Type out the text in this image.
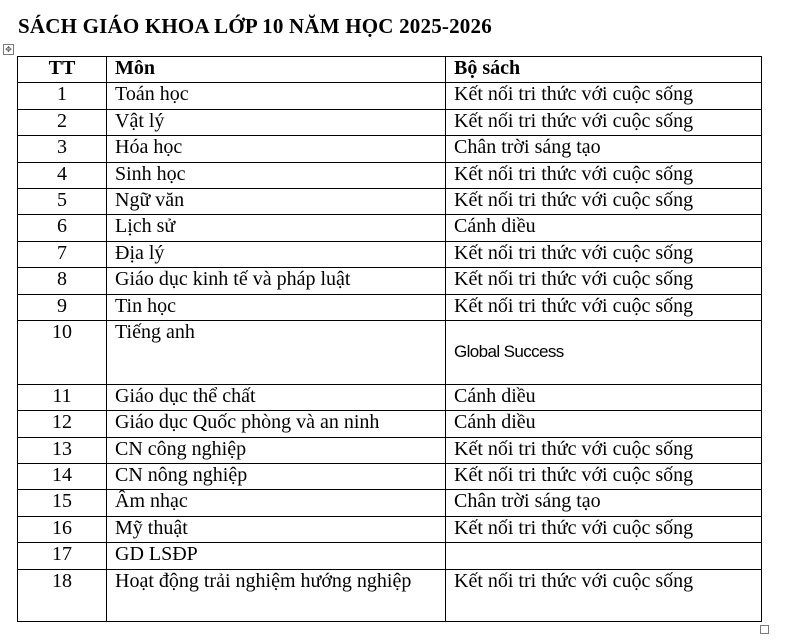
SÁCH GIÁO KHOA LỚP 10 NĂM HỌC 2025-2026
✥
TT	Môn	Bộ sách
1	Toán học	Kết nối tri thức với cuộc sống
2	Vật lý	Kết nối tri thức với cuộc sống
3	Hóa học	Chân trời sáng tạo
4	Sinh học	Kết nối tri thức với cuộc sống
5	Ngữ văn	Kết nối tri thức với cuộc sống
6	Lịch sử	Cánh diều
7	Địa lý	Kết nối tri thức với cuộc sống
8	Giáo dục kinh tế và pháp luật	Kết nối tri thức với cuộc sống
9	Tin học	Kết nối tri thức với cuộc sống
10	Tiếng anh	Global Success
11	Giáo dục thể chất	Cánh diều
12	Giáo dục Quốc phòng và an ninh	Cánh diều
13	CN công nghiệp	Kết nối tri thức với cuộc sống
14	CN nông nghiệp	Kết nối tri thức với cuộc sống
15	Âm nhạc	Chân trời sáng tạo
16	Mỹ thuật	Kết nối tri thức với cuộc sống
17	GD LSĐP	
18	Hoạt động trải nghiệm hướng nghiệp	Kết nối tri thức với cuộc sống
